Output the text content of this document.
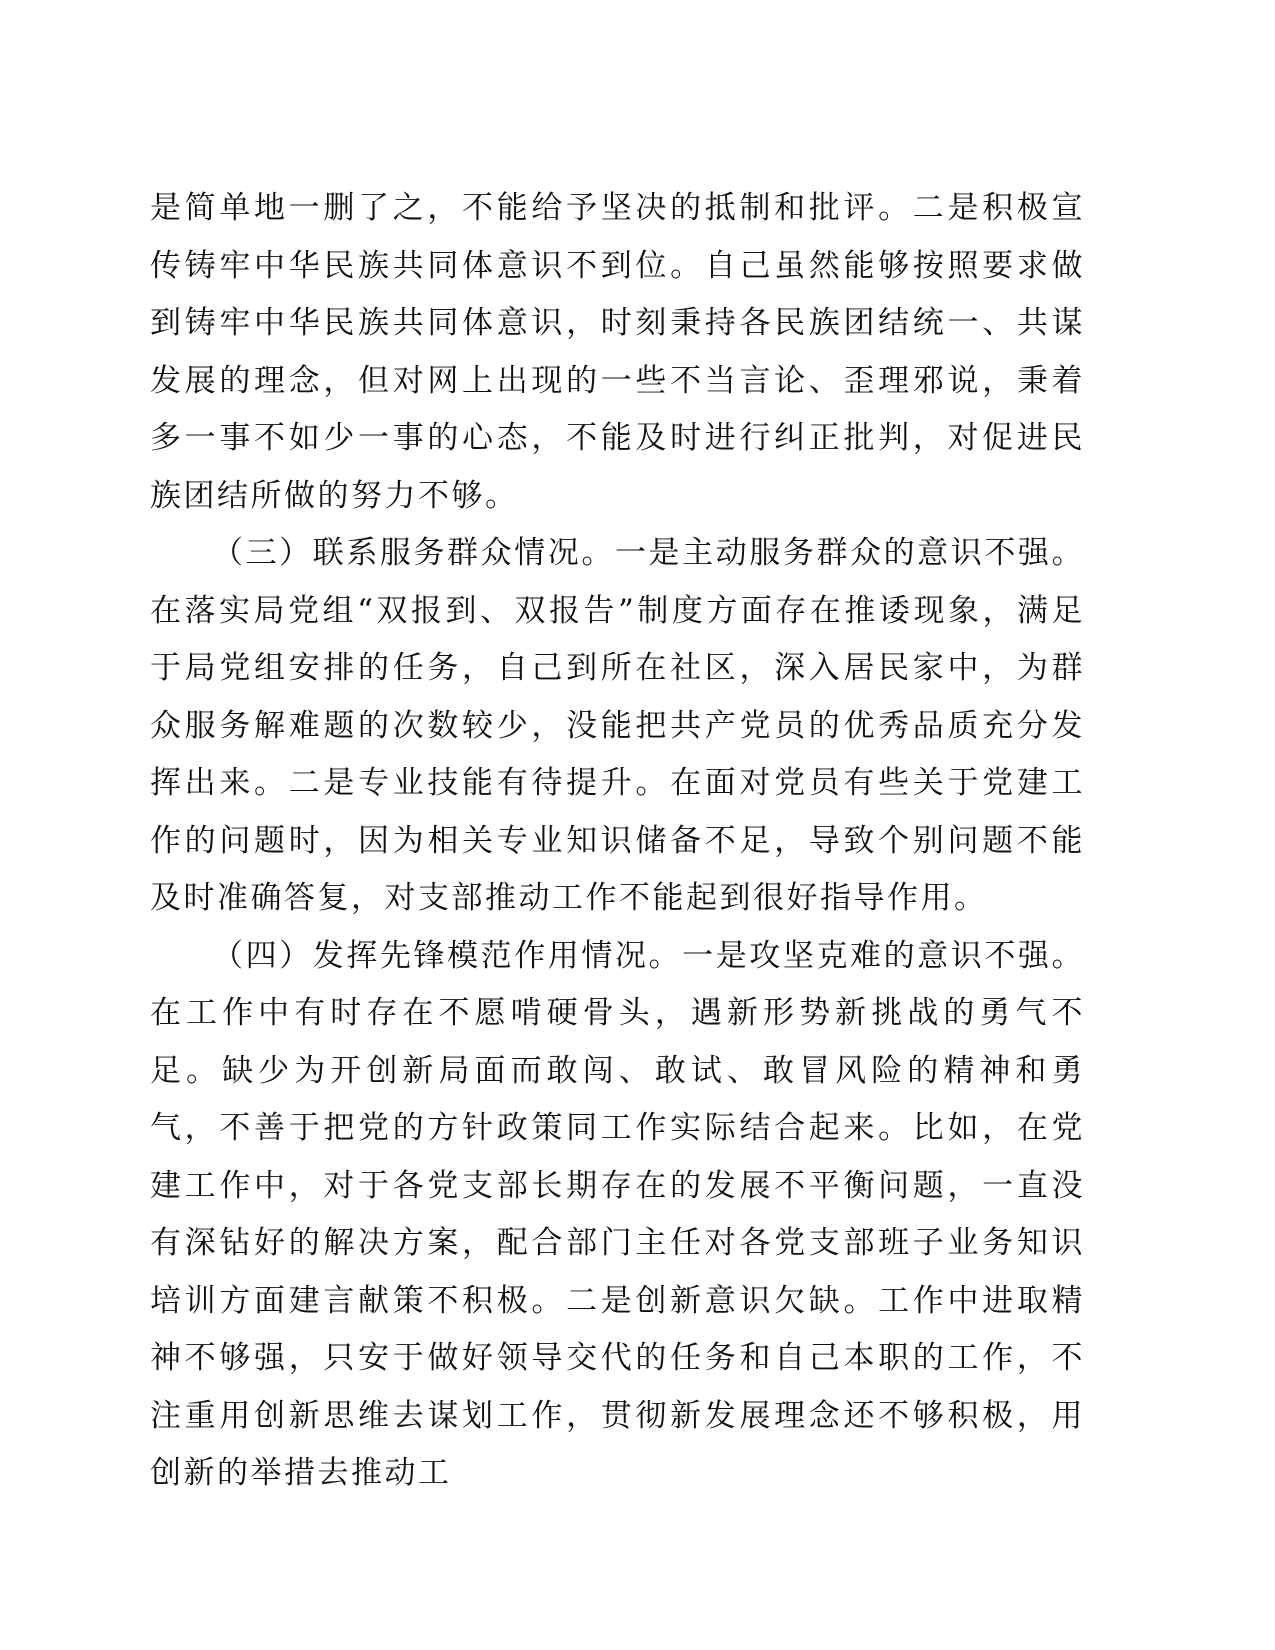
是简单地一删了之，不能给予坚决的抵制和批评。二是积极宣传铸牢中华民族共同体意识不到位。自己虽然能够按照要求做到铸牢中华民族共同体意识，时刻秉持各民族团结统一、共谋发展的理念，但对网上出现的一些不当言论、歪理邪说，秉着多一事不如少一事的心态，不能及时进行纠正批判，对促进民族团结所做的努力不够。

（三）联系服务群众情况。一是主动服务群众的意识不强。在落实局党组“双报到、双报告”制度方面存在推诿现象，满足于局党组安排的任务，自己到所在社区，深入居民家中，为群众服务解难题的次数较少，没能把共产党员的优秀品质充分发挥出来。二是专业技能有待提升。在面对党员有些关于党建工作的问题时，因为相关专业知识储备不足，导致个别问题不能及时准确答复，对支部推动工作不能起到很好指导作用。

（四）发挥先锋模范作用情况。一是攻坚克难的意识不强。在工作中有时存在不愿啃硬骨头，遇新形势新挑战的勇气不足。缺少为开创新局面而敢闯、敢试、敢冒风险的精神和勇气，不善于把党的方针政策同工作实际结合起来。比如，在党建工作中，对于各党支部长期存在的发展不平衡问题，一直没有深钻好的解决方案，配合部门主任对各党支部班子业务知识培训方面建言献策不积极。二是创新意识欠缺。工作中进取精神不够强，只安于做好领导交代的任务和自己本职的工作，不注重用创新思维去谋划工作，贯彻新发展理念还不够积极，用创新的举措去推动工
